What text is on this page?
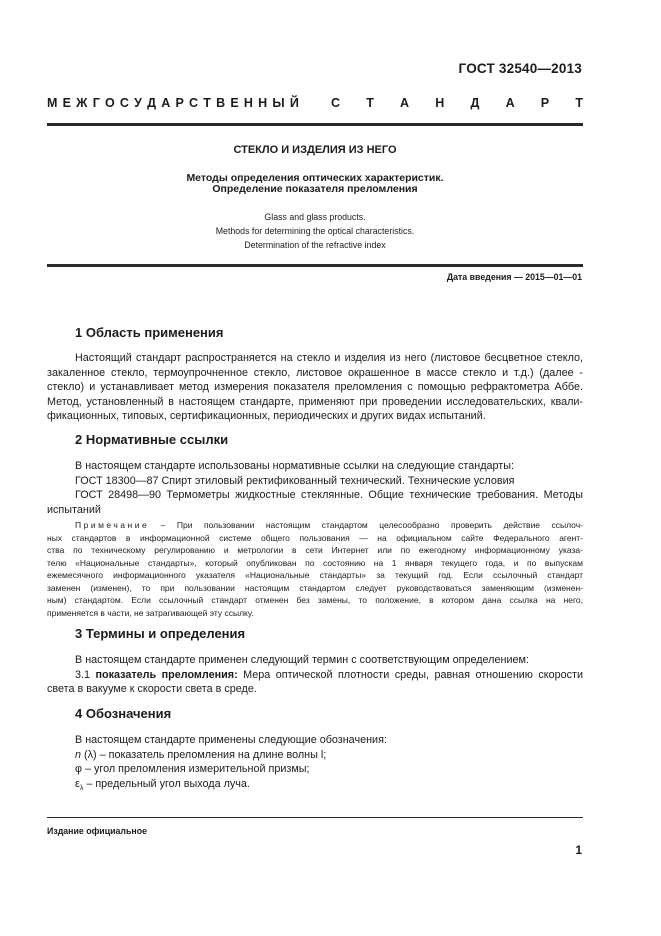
ГОСТ 32540—2013
М Е Ж Г О С У Д А Р С Т В Е Н Н Ы Й	С Т А Н Д А Р Т
СТЕКЛО И ИЗДЕЛИЯ ИЗ НЕГО
Методы определения оптических характеристик.
Определение показателя преломления
Glass and glass products.
Methods for determining the optical characteristics.
Determination of the refractive index
Дата введения — 2015—01—01
1 Область применения
Настоящий стандарт распространяется на стекло и изделия из него (листовое бесцветное стекло,
закаленное стекло, термоупрочненное стекло, листовое окрашенное в массе стекло и т.д.) (далее -
стекло) и устанавливает метод измерения показателя преломления с помощью рефрактометра Аббе.
Метод, установленный в настоящем стандарте, применяют при проведении исследовательских, квали-
фикационных, типовых, сертификационных, периодических и других видах испытаний.
2 Нормативные ссылки
В настоящем стандарте использованы нормативные ссылки на следующие стандарты:
ГОСТ 18300—87 Спирт этиловый ректификованный технический. Технические условия
ГОСТ 28498—90 Термометры жидкостные стеклянные. Общие технические требования. Методы
испытаний
Примечание – При пользовании настоящим стандартом целесообразно проверить действие ссылоч-
ных стандартов в информационной системе общего пользования — на официальном сайте Федерального агент-
ства по техническому регулированию и метрологии в сети Интернет или по ежегодному информационному указа-
телю «Национальные стандарты», который опубликован по состоянию на 1 января текущего года, и по выпускам
ежемесячного информационного указателя «Национальные стандарты» за текущий год. Если ссылочный стандарт
заменен (изменен), то при пользовании настоящим стандартом следует руководствоваться заменяющим (изменен-
ным) стандартом. Если ссылочный стандарт отменен без замены, то положение, в котором дана ссылка на него,
применяется в части, не затрагивающей эту ссылку.
3 Термины и определения
В настоящем стандарте применен следующий термин с соответствующим определением:
3.1 показатель преломления: Мера оптической плотности среды, равная отношению скорости
света в вакууме к скорости света в среде.
4 Обозначения
В настоящем стандарте применены следующие обозначения:
n (λ) – показатель преломления на длине волны l;
φ – угол преломления измерительной призмы;
$\varepsilon_\lambda$ – предельный угол выхода луча.
Издание официальное
1
